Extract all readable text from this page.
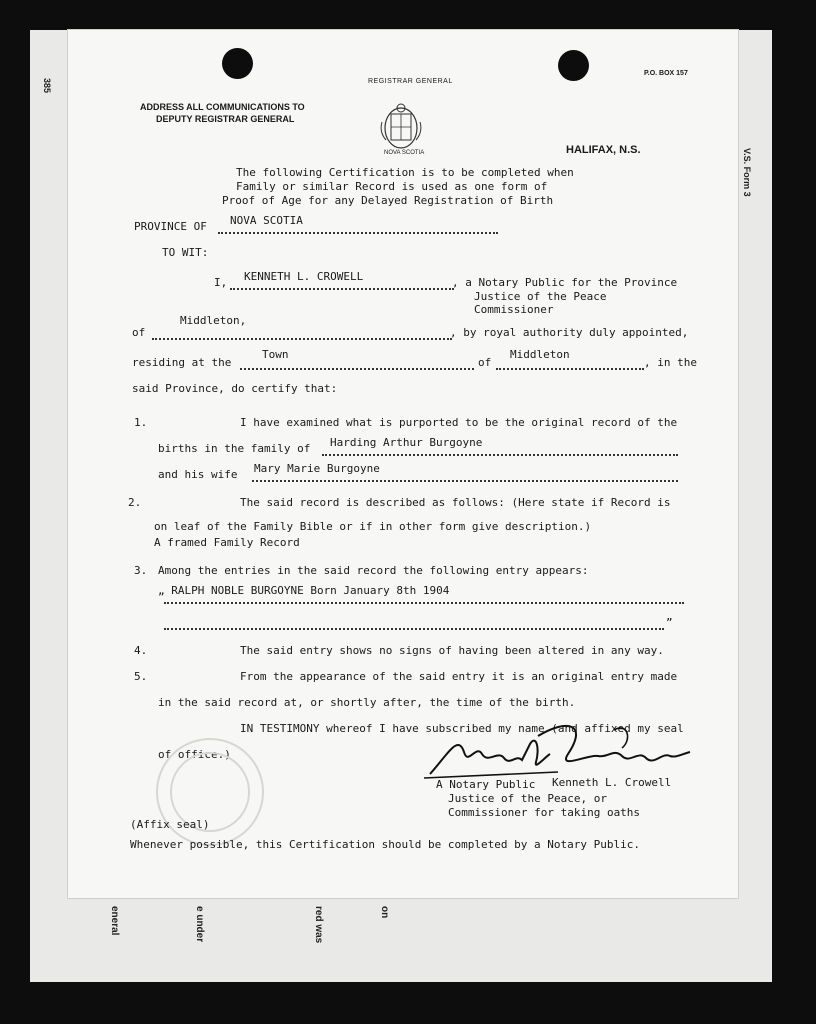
385
eneral	e under	red was	on
V.S. Form 3
ADDRESS ALL COMMUNICATIONS TO
DEPUTY REGISTRAR GENERAL
REGISTRAR GENERAL
NOVA SCOTIA
P.O. BOX 157
HALIFAX, N.S.
The following Certification is to be completed when
Family or similar Record is used as one form of
Proof of Age for any Delayed Registration of Birth
PROVINCE OF NOVA SCOTIA
TO WIT:
I, KENNETH L. CROWELL	, a Notary Public for the Province
Justice of the Peace
Commissioner
of
Middleton,
, by royal authority duly appointed,
residing at the
Town
of
Middleton
, in the
said Province, do certify that:
1.	I have examined what is purported to be the original record of the
births in the family of Harding Arthur Burgoyne
and his wife Mary Marie Burgoyne
2.	The said record is described as follows: (Here state if Record is
on leaf of the Family Bible or if in other form give description.)
A framed Family Record
3. Among the entries in the said record the following entry appears:
„ RALPH NOBLE BURGOYNE Born January 8th 1904
”
4.	The said entry shows no signs of having been altered in any way.
5.	From the appearance of the said entry it is an original entry made
in the said record at, or shortly after, the time of the birth.
IN TESTIMONY whereof I have subscribed my name (and affixed my seal
of office.)
A Notary Public Kenneth L. Crowell
Justice of the Peace, or
Commissioner for taking oaths
(Affix seal)
Whenever possible, this Certification should be completed by a Notary Public.
